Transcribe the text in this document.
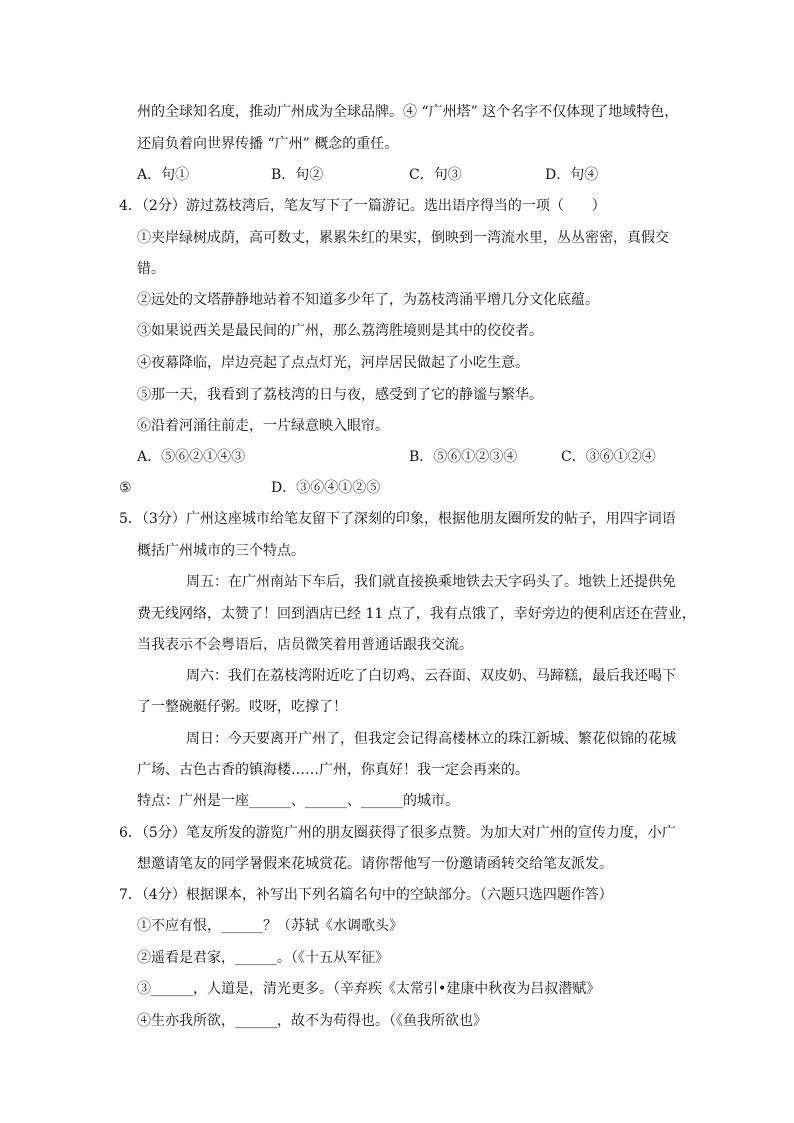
州的全球知名度，推动广州成为全球品牌。④ “广州塔” 这个名字不仅体现了地域特色，
还肩负着向世界传播 “广州” 概念的重任。
A．句①	B．句②	C．句③	D．句④
4．（2分）游过荔枝湾后，笔友写下了一篇游记。选出语序得当的一项（　　）
①夹岸绿树成荫，高可数丈，累累朱红的果实，倒映到一湾流水里，丛丛密密，真假交
错。
②远处的文塔静静地站着不知道多少年了，为荔枝湾涌平增几分文化底蕴。
③如果说西关是最民间的广州，那么荔湾胜境则是其中的佼佼者。
④夜幕降临，岸边亮起了点点灯光，河岸居民做起了小吃生意。
⑤那一天，我看到了荔枝湾的日与夜，感受到了它的静谧与繁华。
⑥沿着河涌往前走，一片绿意映入眼帘。
A．⑤⑥②①④③	B．⑤⑥①②③④	C．③⑥①②④
⑤	D．③⑥④①②⑤
5．（3分）广州这座城市给笔友留下了深刻的印象，根据他朋友圈所发的帖子，用四字词语
概括广州城市的三个特点。
周五：在广州南站下车后，我们就直接换乘地铁去天字码头了。地铁上还提供免
费无线网络，太赞了！回到酒店已经 11 点了，我有点饿了，幸好旁边的便利店还在营业，
当我表示不会粤语后，店员微笑着用普通话跟我交流。
周六：我们在荔枝湾附近吃了白切鸡、云吞面、双皮奶、马蹄糕，最后我还喝下
了一整碗艇仔粥。哎呀，吃撑了！
周日：今天要离开广州了，但我定会记得高楼林立的珠江新城、繁花似锦的花城
广场、古色古香的镇海楼……广州，你真好！我一定会再来的。
特点：广州是一座______、______、______的城市。
6．（5分）笔友所发的游览广州的朋友圈获得了很多点赞。为加大对广州的宣传力度，小广
想邀请笔友的同学暑假来花城赏花。请你帮他写一份邀请函转交给笔友派发。
7．（4分）根据课本，补写出下列名篇名句中的空缺部分。（六题只选四题作答）
①不应有恨，______？（苏轼《水调歌头》
②遥看是君家，______。（《十五从军征》
③______，人道是，清光更多。（辛弃疾《太常引•建康中秋夜为吕叔潜赋》
④生亦我所欲，______，故不为苟得也。（《鱼我所欲也》
